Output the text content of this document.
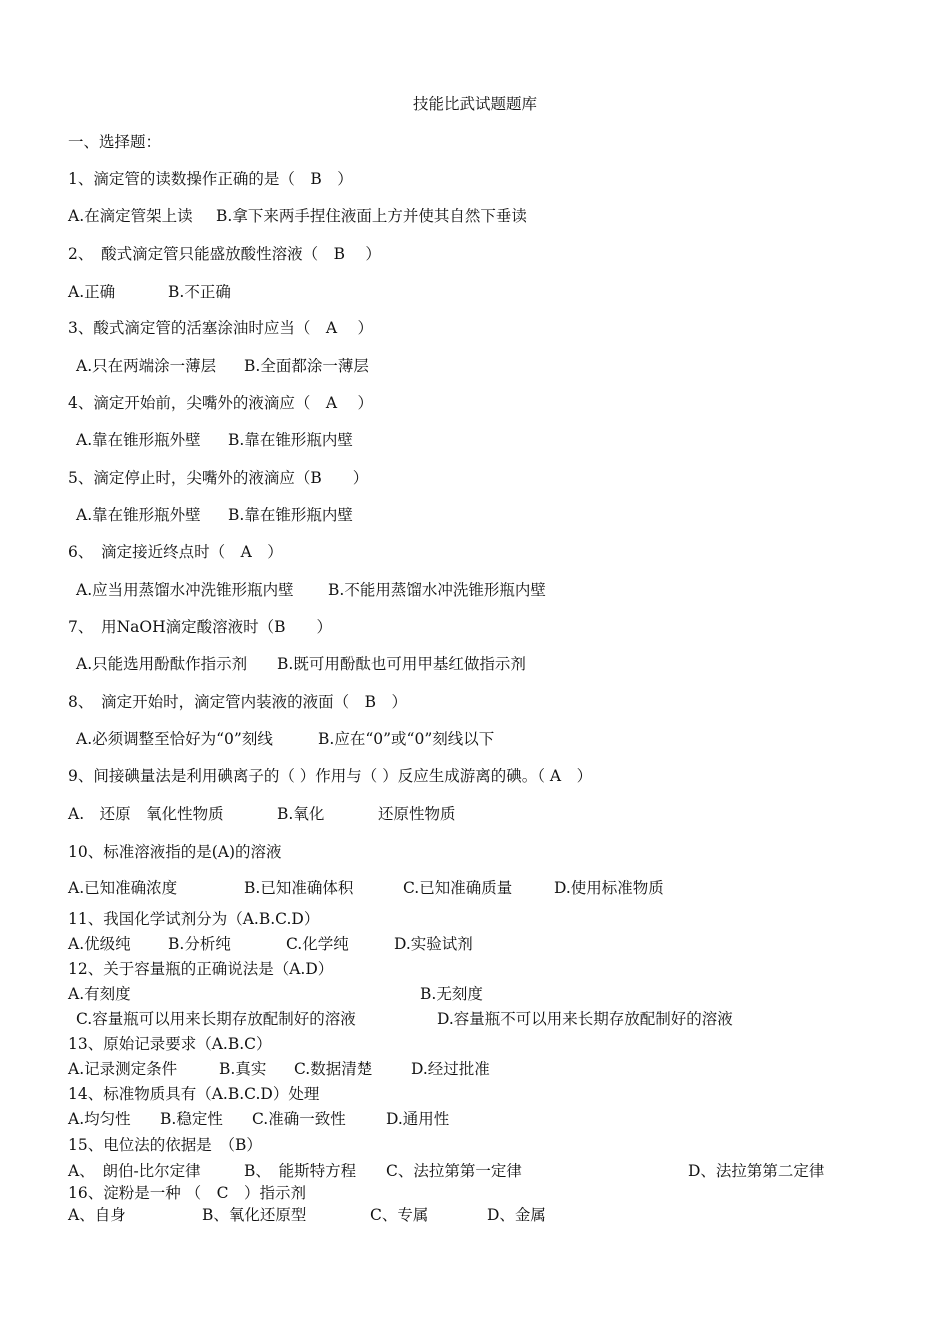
技能比武试题题库
一、选择题：
1、滴定管的读数操作正确的是（　B　）
A.在滴定管架上读 B.拿下来两手捏住液面上方并使其自然下垂读
2、　酸式滴定管只能盛放酸性溶液（　B　 ）
A.正确	B.不正确
3、酸式滴定管的活塞涂油时应当（　A　 ）
A.只在两端涂一薄层 B.全面都涂一薄层
4、滴定开始前，尖嘴外的液滴应（　A　 ）
A.靠在锥形瓶外壁 B.靠在锥形瓶内壁
5、滴定停止时，尖嘴外的液滴应（B　　）
A.靠在锥形瓶外壁 B.靠在锥形瓶内壁
6、　滴定接近终点时（　A　）
A.应当用蒸馏水冲洗锥形瓶内壁 B.不能用蒸馏水冲洗锥形瓶内壁
7、　用NaOH滴定酸溶液时（B　　）
A.只能选用酚酞作指示剂 B.既可用酚酞也可用甲基红做指示剂
8、　滴定开始时，滴定管内装液的液面（　B　）
A.必须调整至恰好为“0”刻线	B.应在“0”或“0”刻线以下
9、间接碘量法是利用碘离子的（ ）作用与（ ）反应生成游离的碘。（ A　）
A.　还原　氧化性物质	B.氧化	还原性物质
10、标准溶液指的是(A)的溶液
A.已知准确浓度	B.已知准确体积	C.已知准确质量	D.使用标准物质
11、我国化学试剂分为（A.B.C.D）
A.优级纯 B.分析纯	C.化学纯	D.实验试剂
12、关于容量瓶的正确说法是（A.D）
A.有刻度	B.无刻度
C.容量瓶可以用来长期存放配制好的溶液	D.容量瓶不可以用来长期存放配制好的溶液
13、原始记录要求（A.B.C）
A.记录测定条件	B.真实 C.数据清楚	D.经过批准
14、标准物质具有（A.B.C.D）处理
A.均匀性 B.稳定性 C.准确一致性	D.通用性
15、电位法的依据是　（B）
A、　朗伯-比尔定律	B、　能斯特方程 C、法拉第第一定律	D、法拉第第二定律
16、淀粉是一种 （　C　）指示剂
A、自身	B、氧化还原型	C、专属	D、金属
